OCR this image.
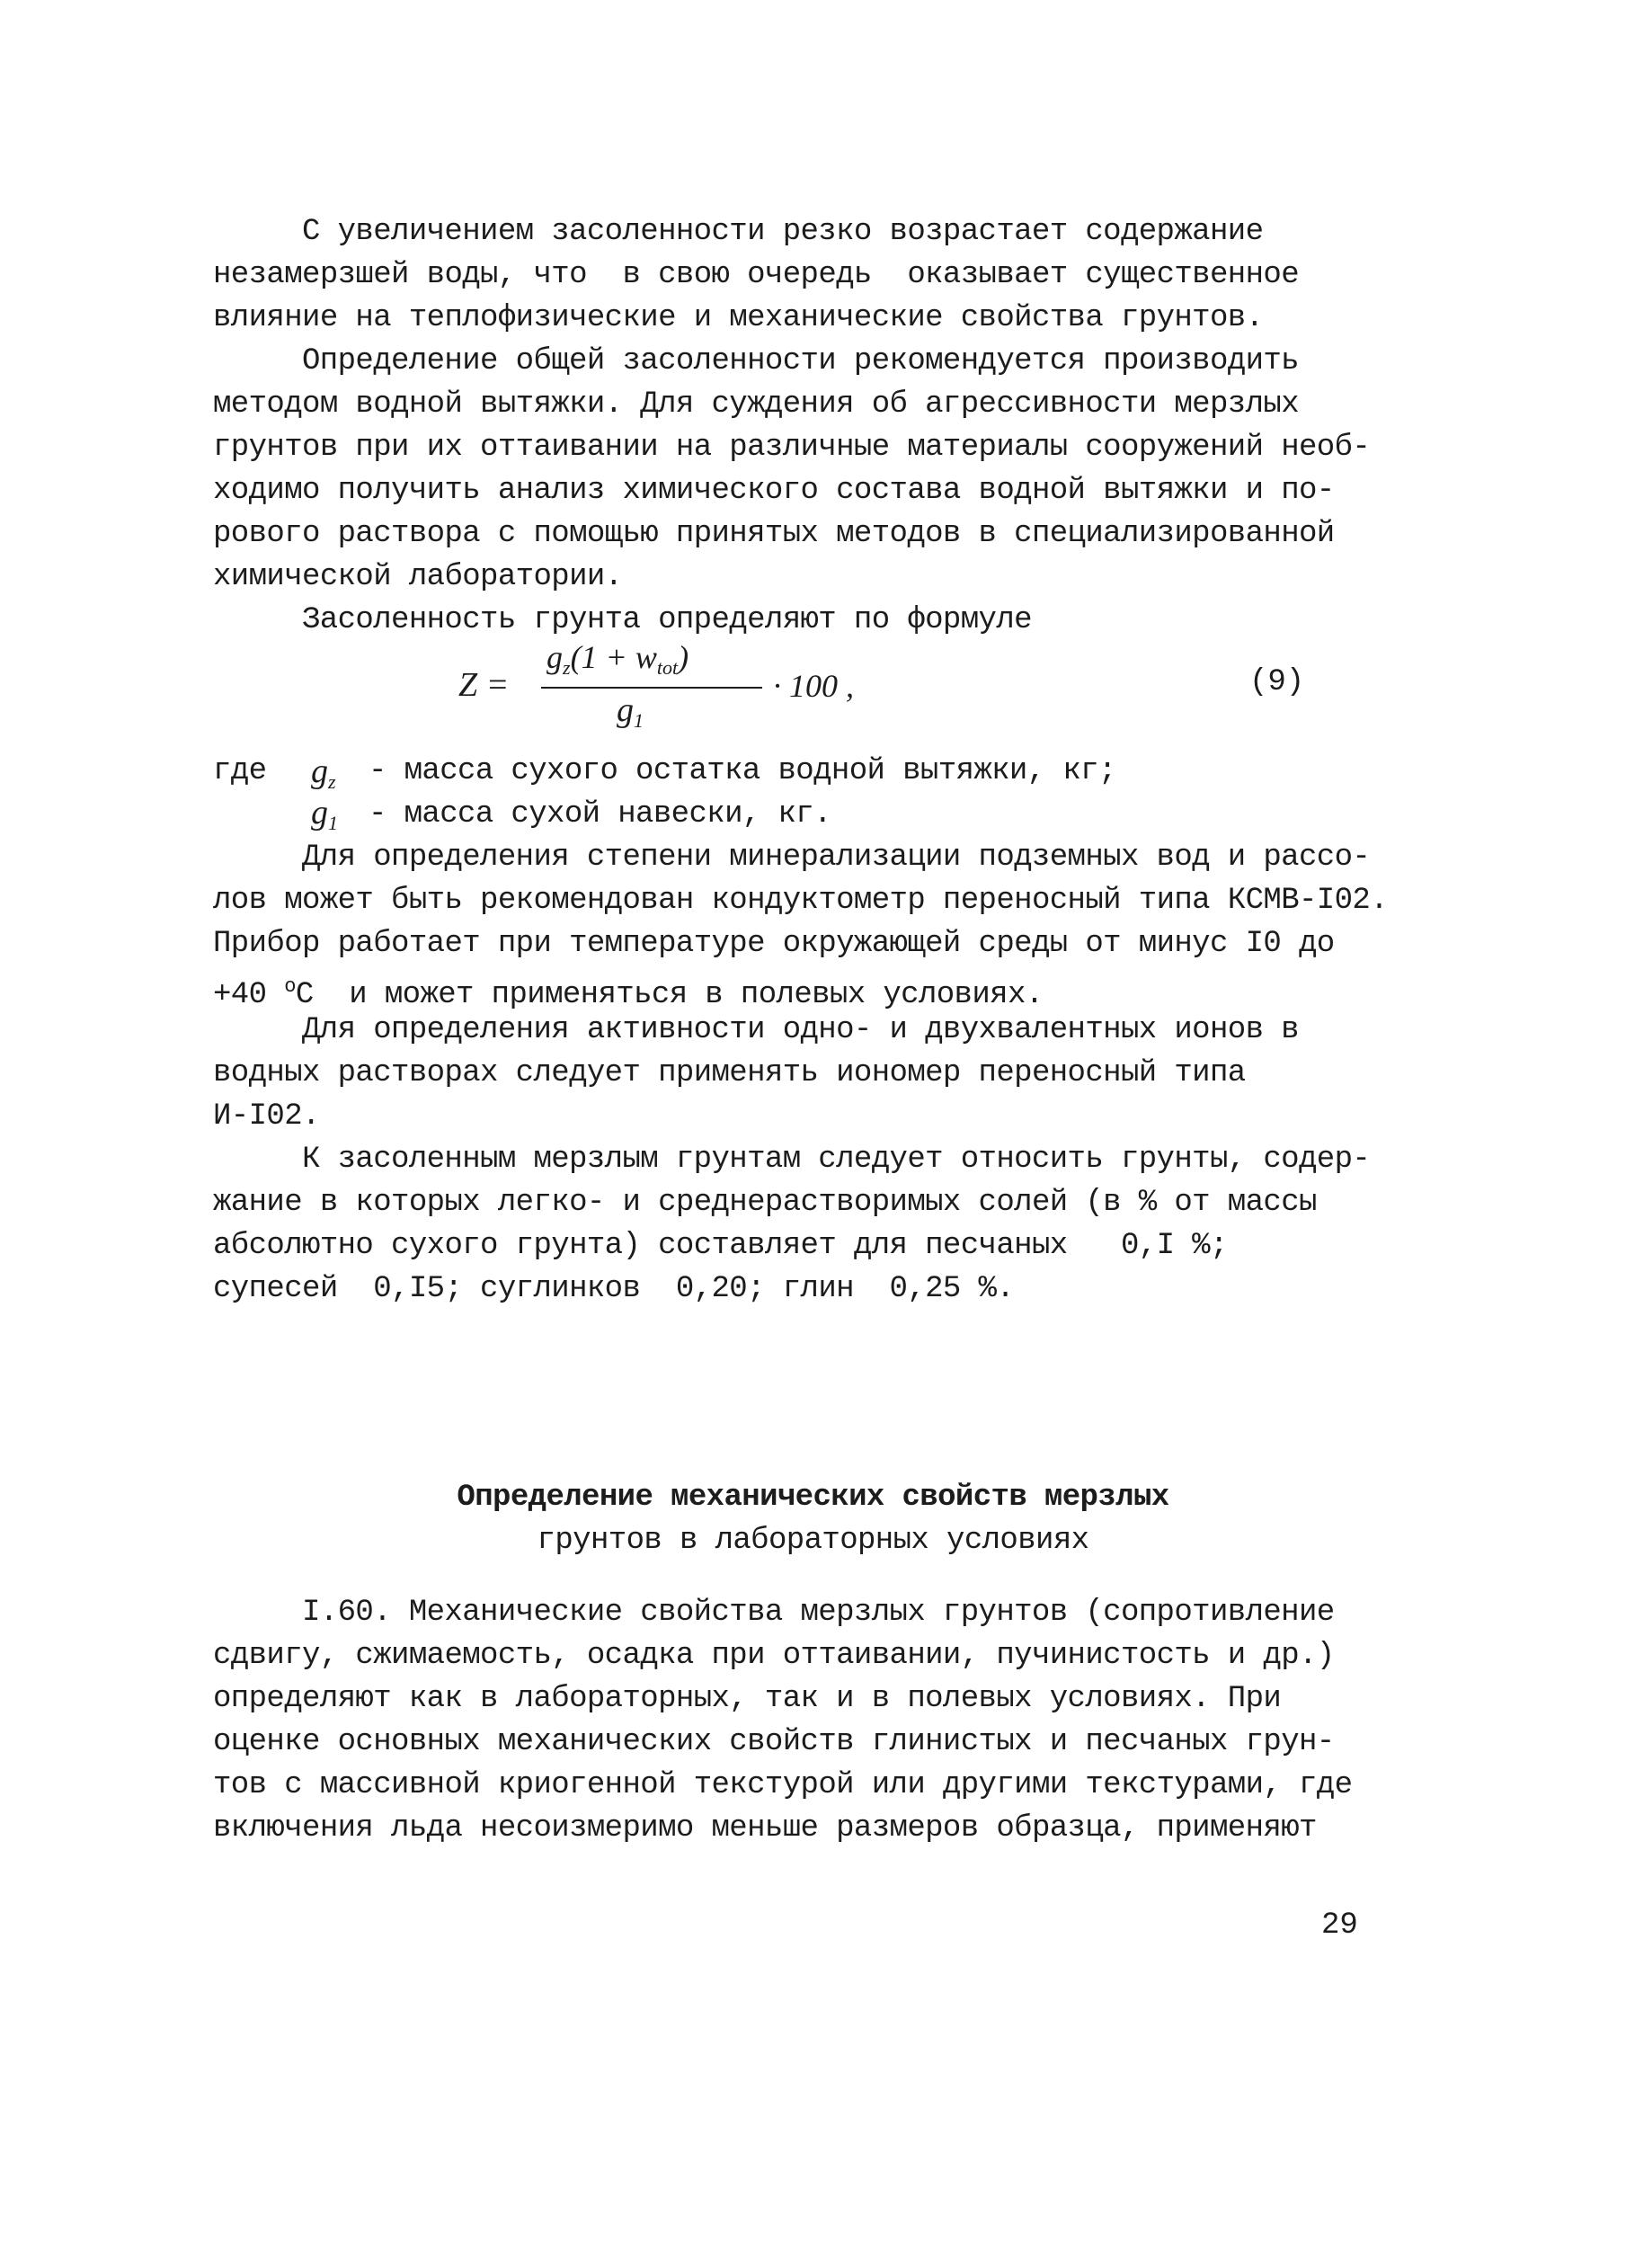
С увеличением засоленности резко возрастает содержание
незамерзшей воды, что  в свою очередь  оказывает существенное
влияние на теплофизические и механические свойства грунтов.
Определение общей засоленности рекомендуется производить
методом водной вытяжки. Для суждения об агрессивности мерзлых
грунтов при их оттаивании на различные материалы сооружений необ-
ходимо получить анализ химического состава водной вытяжки и по-
рового раствора с помощью принятых методов в специализированной
химической лаборатории.
Засоленность грунта определяют по формуле
Z =
$g_z(1 + w_{tot})$
$g_1$
· 100 ,	(9)
где $g_z$ - масса сухого остатка водной вытяжки, кг;
$g_1$ - масса сухой навески, кг.
Для определения степени минерализации подземных вод и рассо-
лов может быть рекомендован кондуктометр переносный типа КСМВ-I02.
Прибор работает при температуре окружающей среды от минус I0 до
+40 $^о$С  и может применяться в полевых условиях.
Для определения активности одно- и двухвалентных ионов в
водных растворах следует применять иономер переносный типа
И-I02.
К засоленным мерзлым грунтам следует относить грунты, содер-
жание в которых легко- и среднерастворимых солей (в % от массы
абсолютно сухого грунта) составляет для песчаных   0,I %;
супесей  0,I5; суглинков  0,20; глин  0,25 %.
Определение механических свойств мерзлых
грунтов в лабораторных условиях
I.60. Механические свойства мерзлых грунтов (сопротивление
сдвигу, сжимаемость, осадка при оттаивании, пучинистость и др.)
определяют как в лабораторных, так и в полевых условиях. При
оценке основных механических свойств глинистых и песчаных грун-
тов с массивной криогенной текстурой или другими текстурами, где
включения льда несоизмеримо меньше размеров образца, применяют
29
